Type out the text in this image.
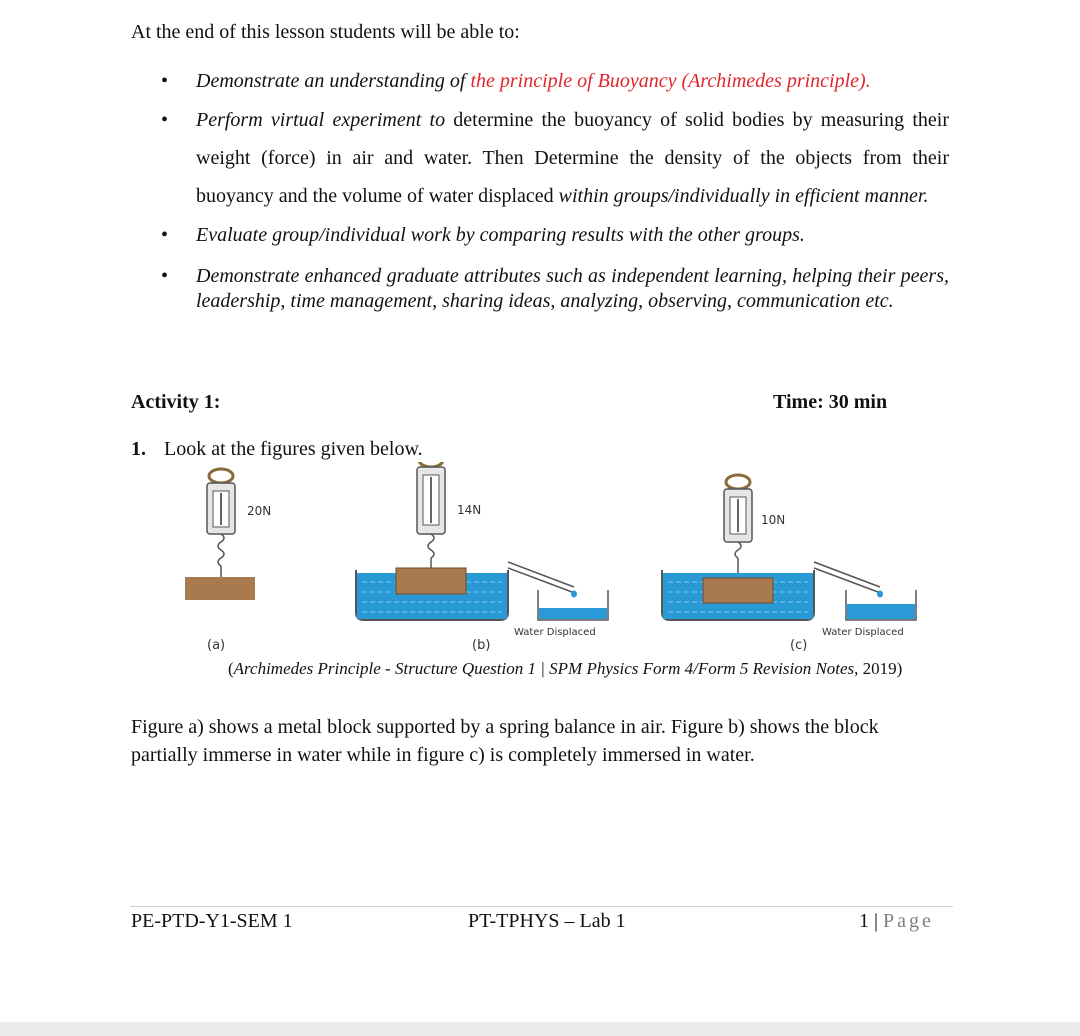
At the end of this lesson students will be able to:
• Demonstrate an understanding of the principle of Buoyancy (Archimedes principle).
• Perform virtual experiment to determine the buoyancy of solid bodies by measuring their weight (force) in air and water. Then Determine the density of the objects from their buoyancy and the volume of water displaced within groups/individually in efficient manner.
• Evaluate group/individual work by comparing results with the other groups.
• Demonstrate enhanced graduate attributes such as independent learning, helping their peers, leadership, time management, sharing ideas, analyzing, observing, communication etc.
Activity 1:	Time: 30 min
1. Look at the figures given below.
20N
(a)
14N
Water Displaced
(b)
10N
Water Displaced
(c)
(Archimedes Principle - Structure Question 1 | SPM Physics Form 4/Form 5 Revision Notes, 2019)
Figure a) shows a metal block supported by a spring balance in air. Figure b) shows the block partially immerse in water while in figure c) is completely immersed in water.
PE-PTD-Y1-SEM 1	PT-TPHYS – Lab 1	1 | Page
